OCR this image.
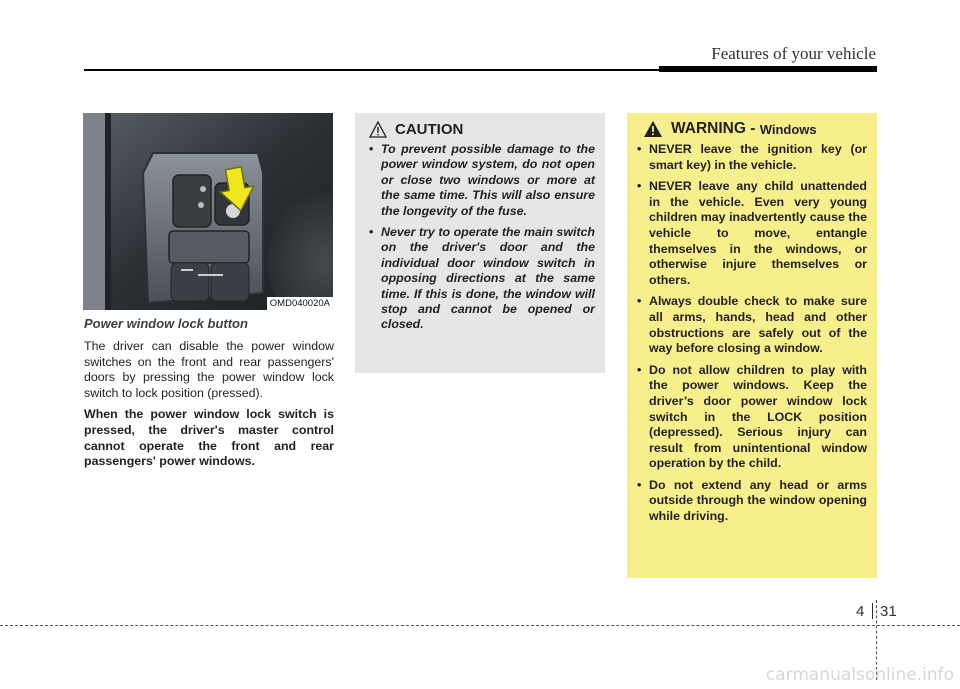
Features of your vehicle
OMD040020A
Power window lock button

The driver can disable the power window switches on the front and rear passengers' doors by pressing the power window lock switch to lock position (pressed).

When the power window lock switch is pressed, the driver's master control cannot operate the front and rear passengers' power windows.

CAUTION
• To prevent possible damage to the power window system, do not open or close two windows or more at the same time. This will also ensure the longevity of the fuse.
• Never try to operate the main switch on the driver's door and the individual door window switch in opposing directions at the same time. If this is done, the window will stop and cannot be opened or closed.
WARNING -
Windows
• NEVER leave the ignition key (or smart key) in the vehicle.
• NEVER leave any child unattended in the vehicle. Even very young children may inadvertently cause the vehicle to move, entangle themselves in the windows, or otherwise injure themselves or others.
• Always double check to make sure all arms, hands, head and other obstructions are safely out of the way before closing a window.
• Do not allow children to play with the power windows. Keep the driver’s door power window lock switch in the LOCK position (depressed). Serious injury can result from unintentional window operation by the child.
• Do not extend any head or arms outside through the window opening while driving.
4 31
carmanualsonline.info
